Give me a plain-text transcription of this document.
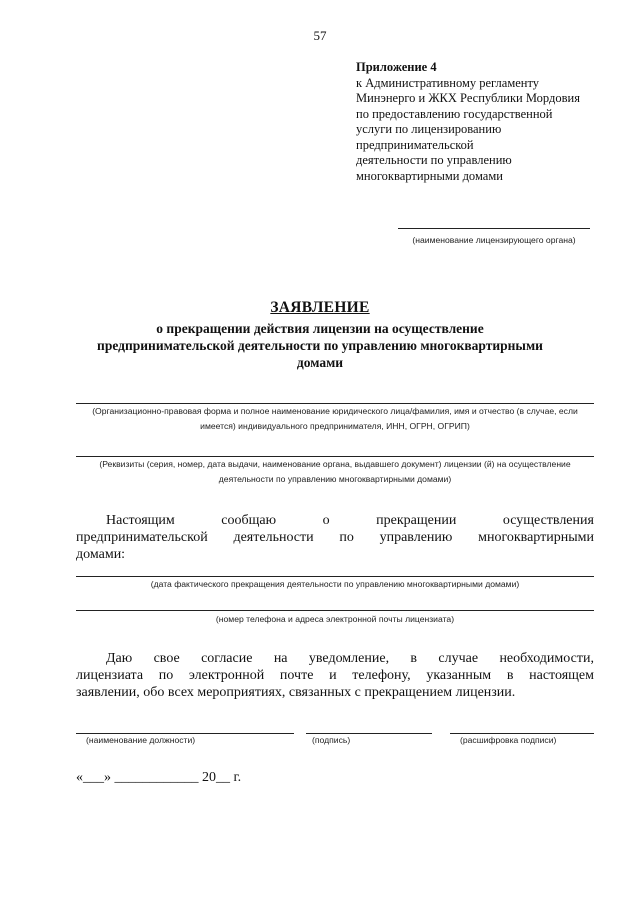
57
Приложение 4
к Административному регламенту
Минэнерго и ЖКХ Республики Мордовия
по предоставлению государственной
услуги по лицензированию
предпринимательской
деятельности по управлению
многоквартирными домами
(наименование лицензирующего органа)
ЗАЯВЛЕНИЕ
о прекращении действия лицензии на осуществление
предпринимательской деятельности по управлению многоквартирными
домами
(Организационно-правовая форма и полное наименование юридического лица/фамилия, имя и отчество (в случае, если
имеется) индивидуального предпринимателя, ИНН, ОГРН, ОГРИП)
(Реквизиты (серия, номер, дата выдачи, наименование органа, выдавшего документ) лицензии (й) на осуществление
деятельности по управлению многоквартирными домами)
Настоящим	сообщаю	о	прекращении	осуществления
предпринимательской деятельности по управлению многоквартирными
домами:
(дата фактического прекращения деятельности по управлению многоквартирными домами)
(номер телефона и адреса электронной почты лицензиата)
Даю свое согласие на уведомление, в случае необходимости,
лицензиата по электронной почте и телефону, указанным в настоящем
заявлении, обо всех мероприятиях, связанных с прекращением лицензии.
(наименование должности)	(подпись)	(расшифровка подписи)
«___» ____________ 20__ г.
